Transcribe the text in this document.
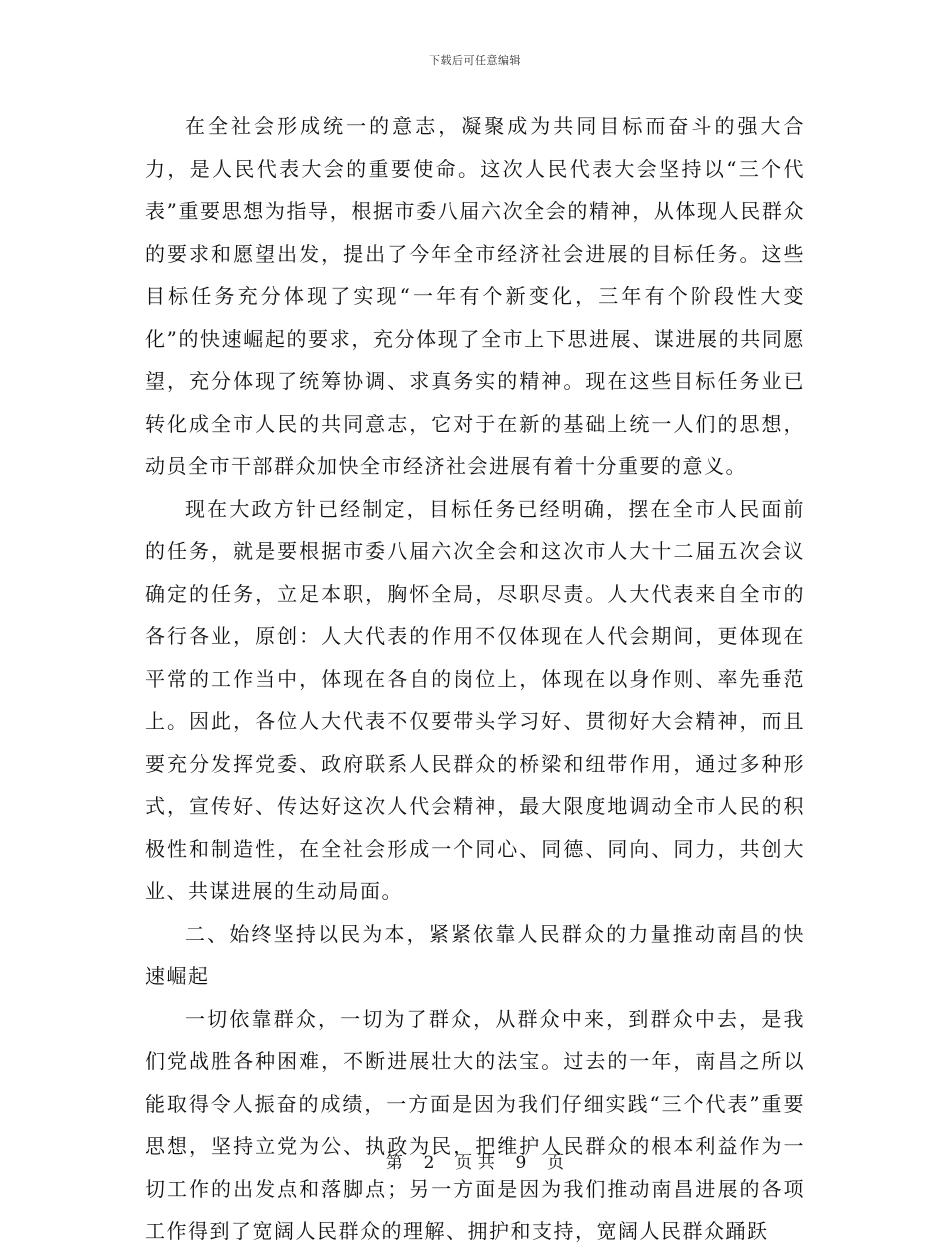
下载后可任意编辑

在全社会形成统一的意志，凝聚成为共同目标而奋斗的强大合力，是人民代表大会的重要使命。这次人民代表大会坚持以“三个代表”重要思想为指导，根据市委八届六次全会的精神，从体现人民群众的要求和愿望出发，提出了今年全市经济社会进展的目标任务。这些目标任务充分体现了实现“一年有个新变化，三年有个阶段性大变化”的快速崛起的要求，充分体现了全市上下思进展、谋进展的共同愿望，充分体现了统筹协调、求真务实的精神。现在这些目标任务业已转化成全市人民的共同意志，它对于在新的基础上统一人们的思想，动员全市干部群众加快全市经济社会进展有着十分重要的意义。

现在大政方针已经制定，目标任务已经明确，摆在全市人民面前的任务，就是要根据市委八届六次全会和这次市人大十二届五次会议确定的任务，立足本职，胸怀全局，尽职尽责。人大代表来自全市的各行各业，原创：人大代表的作用不仅体现在人代会期间，更体现在平常的工作当中，体现在各自的岗位上，体现在以身作则、率先垂范上。因此，各位人大代表不仅要带头学习好、贯彻好大会精神，而且要充分发挥党委、政府联系人民群众的桥梁和纽带作用，通过多种形式，宣传好、传达好这次人代会精神，最大限度地调动全市人民的积极性和制造性，在全社会形成一个同心、同德、同向、同力，共创大业、共谋进展的生动局面。

二、始终坚持以民为本，紧紧依靠人民群众的力量推动南昌的快速崛起

一切依靠群众，一切为了群众，从群众中来，到群众中去，是我们党战胜各种困难，不断进展壮大的法宝。过去的一年，南昌之所以能取得令人振奋的成绩，一方面是因为我们仔细实践“三个代表”重要思想，坚持立党为公、执政为民，把维护人民群众的根本利益作为一切工作的出发点和落脚点；另一方面是因为我们推动南昌进展的各项工作得到了宽阔人民群众的理解、拥护和支持，宽阔人民群众踊跃

第 2 页 共 9 页
